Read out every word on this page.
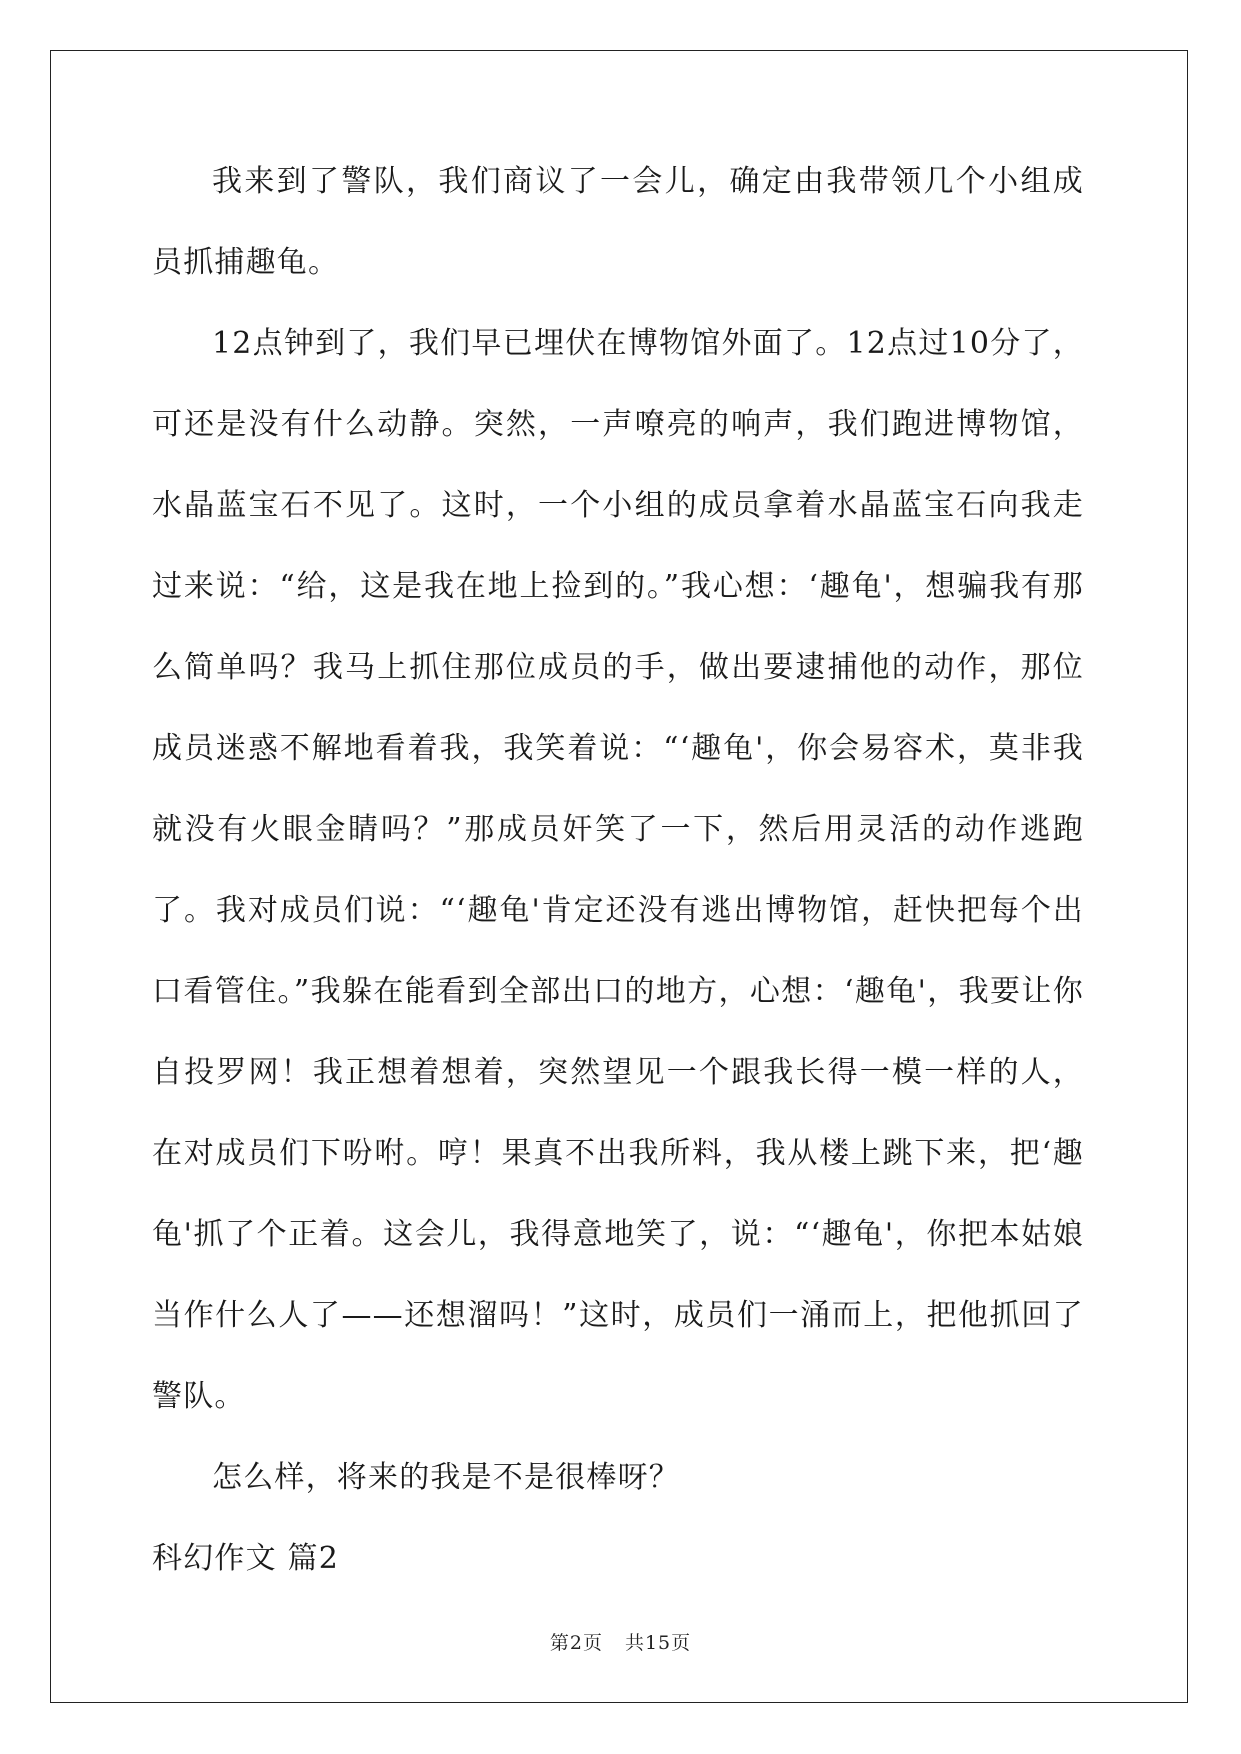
我来到了警队，我们商议了一会儿，确定由我带领几个小组成员抓捕趣龟。

12点钟到了，我们早已埋伏在博物馆外面了。12点过10分了，可还是没有什么动静。突然，一声嘹亮的响声，我们跑进博物馆，水晶蓝宝石不见了。这时，一个小组的成员拿着水晶蓝宝石向我走过来说：“给，这是我在地上捡到的。”我心想：‘趣龟'，想骗我有那么简单吗？我马上抓住那位成员的手，做出要逮捕他的动作，那位成员迷惑不解地看着我，我笑着说：“‘趣龟'，你会易容术，莫非我就没有火眼金睛吗？”那成员奸笑了一下，然后用灵活的动作逃跑了。我对成员们说：“‘趣龟'肯定还没有逃出博物馆，赶快把每个出口看管住。”我躲在能看到全部出口的地方，心想：‘趣龟'，我要让你自投罗网！我正想着想着，突然望见一个跟我长得一模一样的人，在对成员们下吩咐。哼！果真不出我所料，我从楼上跳下来，把‘趣龟'抓了个正着。这会儿，我得意地笑了，说：“‘趣龟'，你把本姑娘当作什么人了——还想溜吗！”这时，成员们一涌而上，把他抓回了警队。

怎么样，将来的我是不是很棒呀？

科幻作文 篇2

第2页 共15页
